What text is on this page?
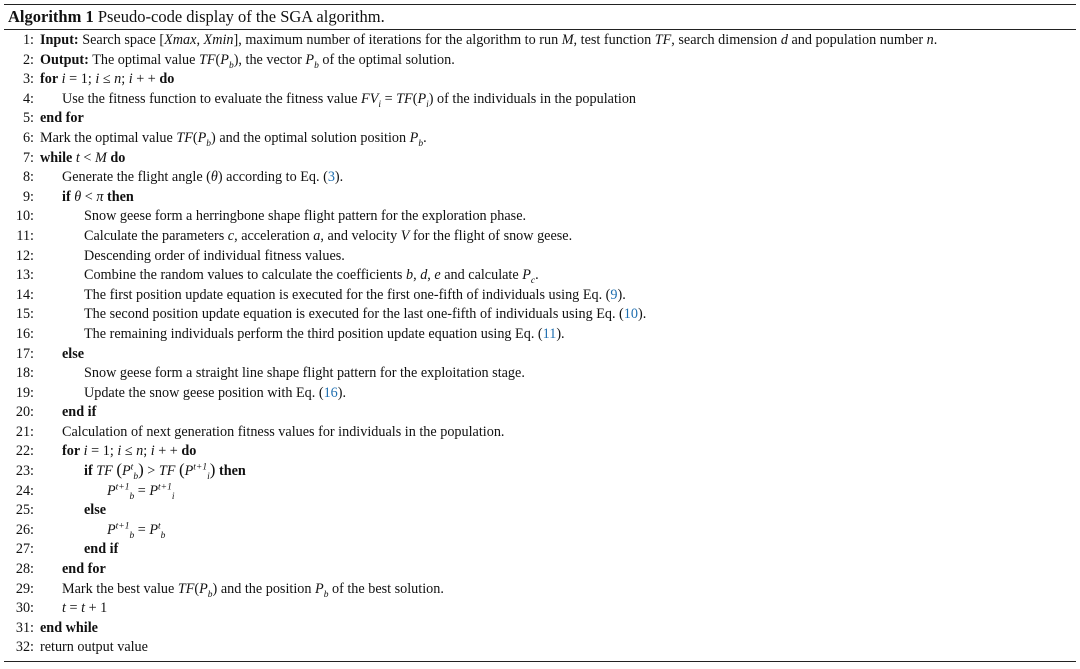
Algorithm 1 Pseudo-code display of the SGA algorithm.
1: Input: Search space [Xmax, Xmin], maximum number of iterations for the algorithm to run M, test function TF, search dimension d and population number n.
2: Output: The optimal value $TF(P_b)$, the vector $P_b$ of the optimal solution.
3: for i = 1; i ≤ n; i + + do
4: Use the fitness function to evaluate the fitness value $FV_i = TF(P_i)$ of the individuals in the population
5: end for
6: Mark the optimal value $TF(P_b)$ and the optimal solution position $P_b$.
7: while t < M do
8: Generate the flight angle (θ) according to Eq. (3).
9: if θ < π then
10:	Snow geese form a herringbone shape flight pattern for the exploration phase.
11:	Calculate the parameters c, acceleration a, and velocity V for the flight of snow geese.
12:	Descending order of individual fitness values.
13:	Combine the random values to calculate the coefficients b, d, e and calculate $P_c$.
14:	The first position update equation is executed for the first one-fifth of individuals using Eq. (9).
15:	The second position update equation is executed for the last one-fifth of individuals using Eq. (10).
16:	The remaining individuals perform the third position update equation using Eq. (11).
17: else
18:	Snow geese form a straight line shape flight pattern for the exploitation stage.
19:	Update the snow geese position with Eq. (16).
20: end if
21: Calculation of next generation fitness values for individuals in the population.
22: for i = 1; i ≤ n; i + + do
23:	if TF $(P^t_b)$ > TF $(P^{t+1}_i)$ then
24:	$P^{t+1}_b = P^{t+1}_i$
25:	else
26:	$P^{t+1}_b = P^t_b$
27:	end if
28: end for
29: Mark the best value $TF(P_b)$ and the position $P_b$ of the best solution.
30: t = t + 1
31: end while
32: return output value
